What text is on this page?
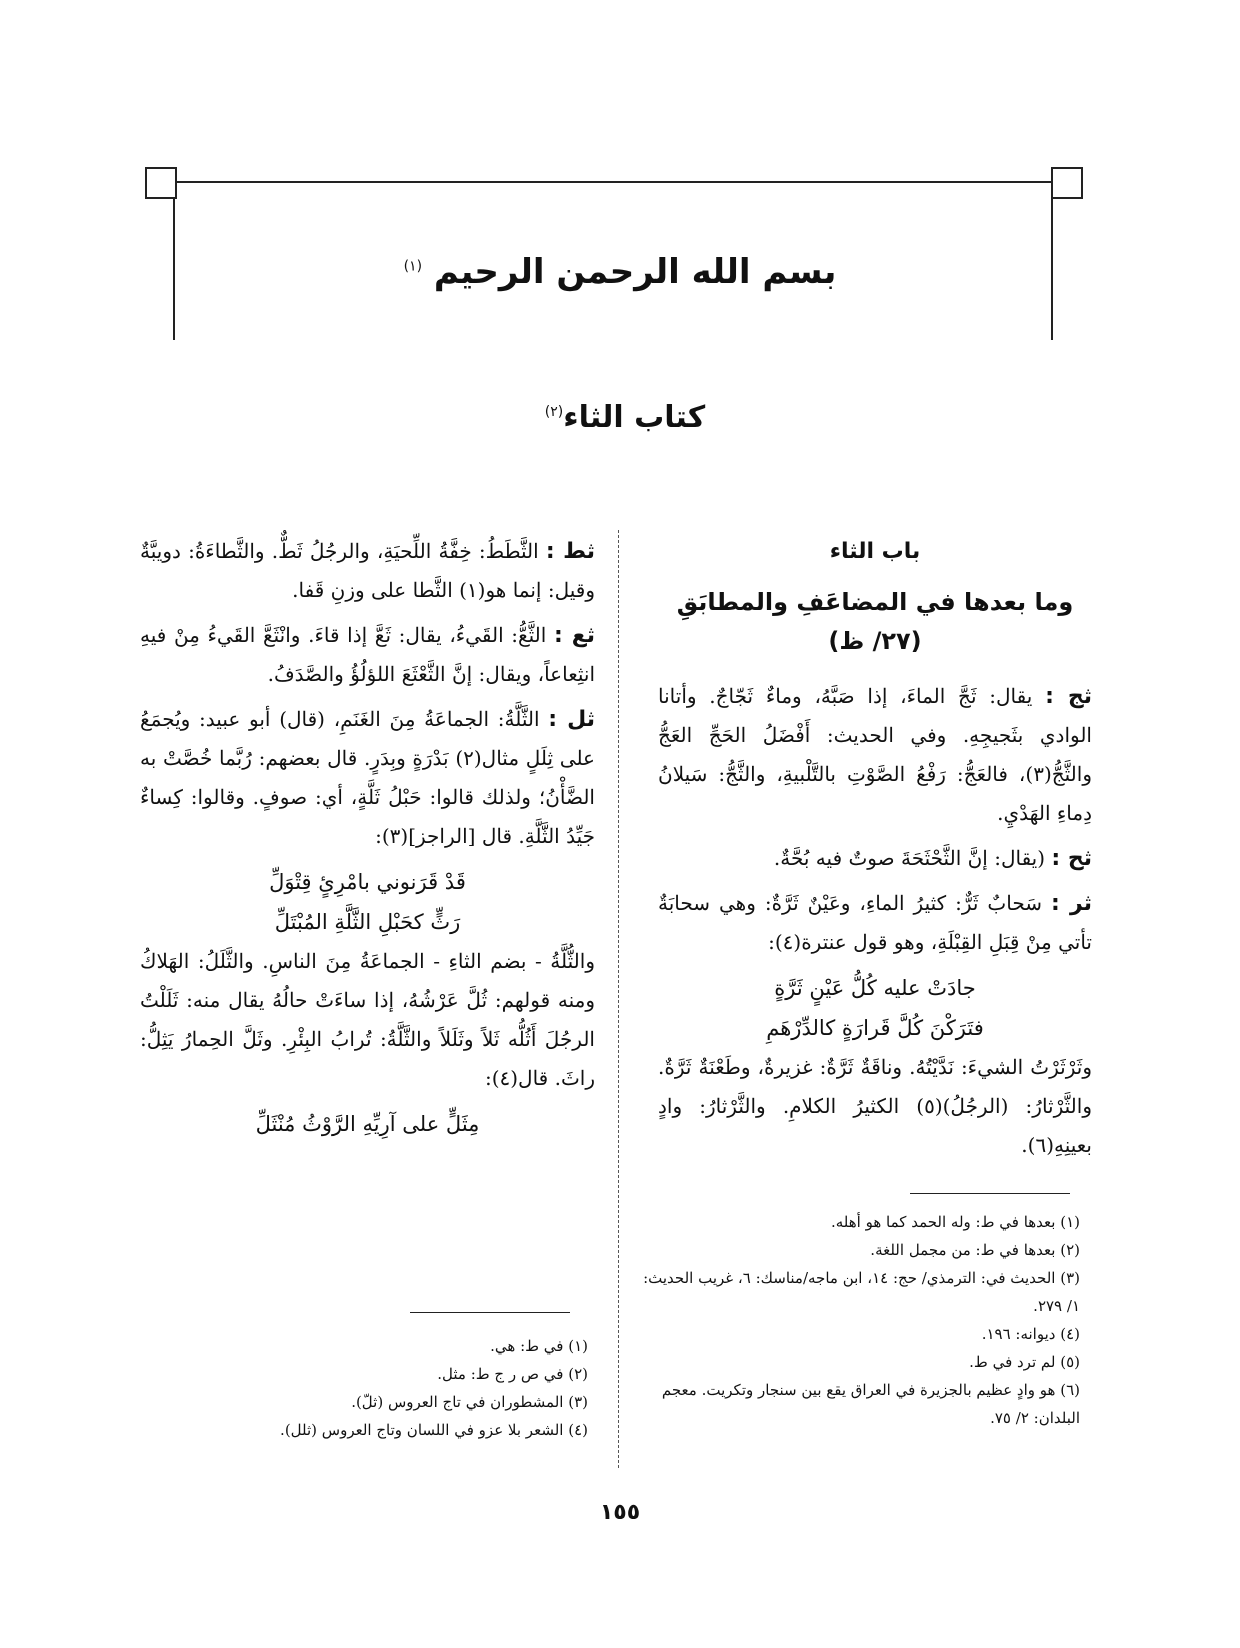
بسم الله الرحمن الرحيم $^{(١)}$
كتاب الثاء$^{(٢)}$
باب الثاء
وما بعدها في المضاعَفِ والمطابَقِ (٢٧/ ظ)

ثج : يقال: ثَجَّ الماءَ، إذا صَبَّهُ، وماءٌ ثَجّاجٌ. وأتانا الوادي بثَجيجِهِ. وفي الحديث: أَفْضَلُ الحَجِّ العَجُّ والثَّجُّ(٣)، فالعَجُّ: رَفْعُ الصَّوْتِ بالتَّلْبيةِ، والثَّجُّ: سَيلانُ دِماءِ الهَدْيِ.

ثح : (يقال: إنَّ الثَّحْثَحَةَ صوتٌ فيه بُحَّةٌ.

ثر : سَحابٌ ثَرٌّ: كثيرُ الماءِ، وعَيْنٌ ثَرَّةٌ: وهي سحابَةٌ تأتي مِنْ قِبَلِ القِبْلَةِ، وهو قول عنترة(٤):

جادَتْ عليه كُلُّ عَيْنٍ ثَرَّةٍ
فتَرَكْنَ كُلَّ قَرارَةٍ كالدِّرْهَمِ

وثَرْثَرْتُ الشيءَ: نَدَّيْتُهُ. وناقَةٌ ثَرَّةٌ: غزيرةٌ، وطَعْنَةٌ ثَرَّةٌ. والثَّرْثارُ: (الرجُلُ)(٥) الكثيرُ الكلامِ. والثَّرْثارُ: وادٍ بعينِهِ(٦).

ثط : الثَّطَطُ: خِفَّةُ اللِّحيَةِ، والرجُلُ ثَطٌّ. والثَّطاءَةُ: دويبَّةٌ وقيل: إنما هو(١) الثَّطا على وزنِ قَفا.

ثع : الثَّعُّ: القَيءُ، يقال: ثَعَّ إذا قاءَ. وانْثَعَّ القَيءُ مِنْ فيهِ انثِعاعاً، ويقال: إنَّ الثَّعْثَعَ اللؤلُؤُ والصَّدَفُ.

ثل : الثَّلَّةُ: الجماعَةُ مِنَ الغَنَمِ، (قال) أبو عبيد: ويُجمَعُ على ثِلَلٍ مثال(٢) بَدْرَةٍ وبِدَرٍ. قال بعضهم: رُبَّما خُصَّتْ به الضَّأْنُ؛ ولذلك قالوا: حَبْلُ ثَلَّةٍ، أي: صوفٍ. وقالوا: كِساءٌ جَيِّدُ الثَّلَّةِ. قال [الراجز](٣):

قَدْ قَرَنوني بامْرِئٍ قِتْوَلِّ
رَثٍّ كحَبْلِ الثَّلَّةِ المُبْتَلِّ

والثُّلَّةُ - بضم الثاءِ - الجماعَةُ مِنَ الناسِ. والثَّلَلُ: الهَلاكُ ومنه قولهم: ثُلَّ عَرْشُهُ، إذا ساءَتْ حالُهُ يقال منه: ثَلَلْتُ الرجُلَ أَثُلُّه ثَلاً وثَلَلاً والثَّلَّةُ: تُرابُ البِئْرِ. وثَلَّ الحِمارُ يَثِلُّ: راثَ. قال(٤):

مِثَلٍّ على آرِيِّهِ الرَّوْثُ مُنْثَلِّ

(١) بعدها في ط: وله الحمد كما هو أهله.

(٢) بعدها في ط: من مجمل اللغة.

(٣) الحديث في: الترمذي/ حج: ١٤، ابن ماجه/مناسك: ٦، غريب الحديث: ١/ ٢٧٩.

(٤) ديوانه: ١٩٦.

(٥) لم ترد في ط.

(٦) هو وادٍ عظيم بالجزيرة في العراق يقع بين سنجار وتكريت. معجم البلدان: ٢/ ٧٥.

(١) في ط: هي.

(٢) في ص ر ج ط: مثل.

(٣) المشطوران في تاج العروس (ثلّ).

(٤) الشعر بلا عزو في اللسان وتاج العروس (ثلل).

١٥٥
